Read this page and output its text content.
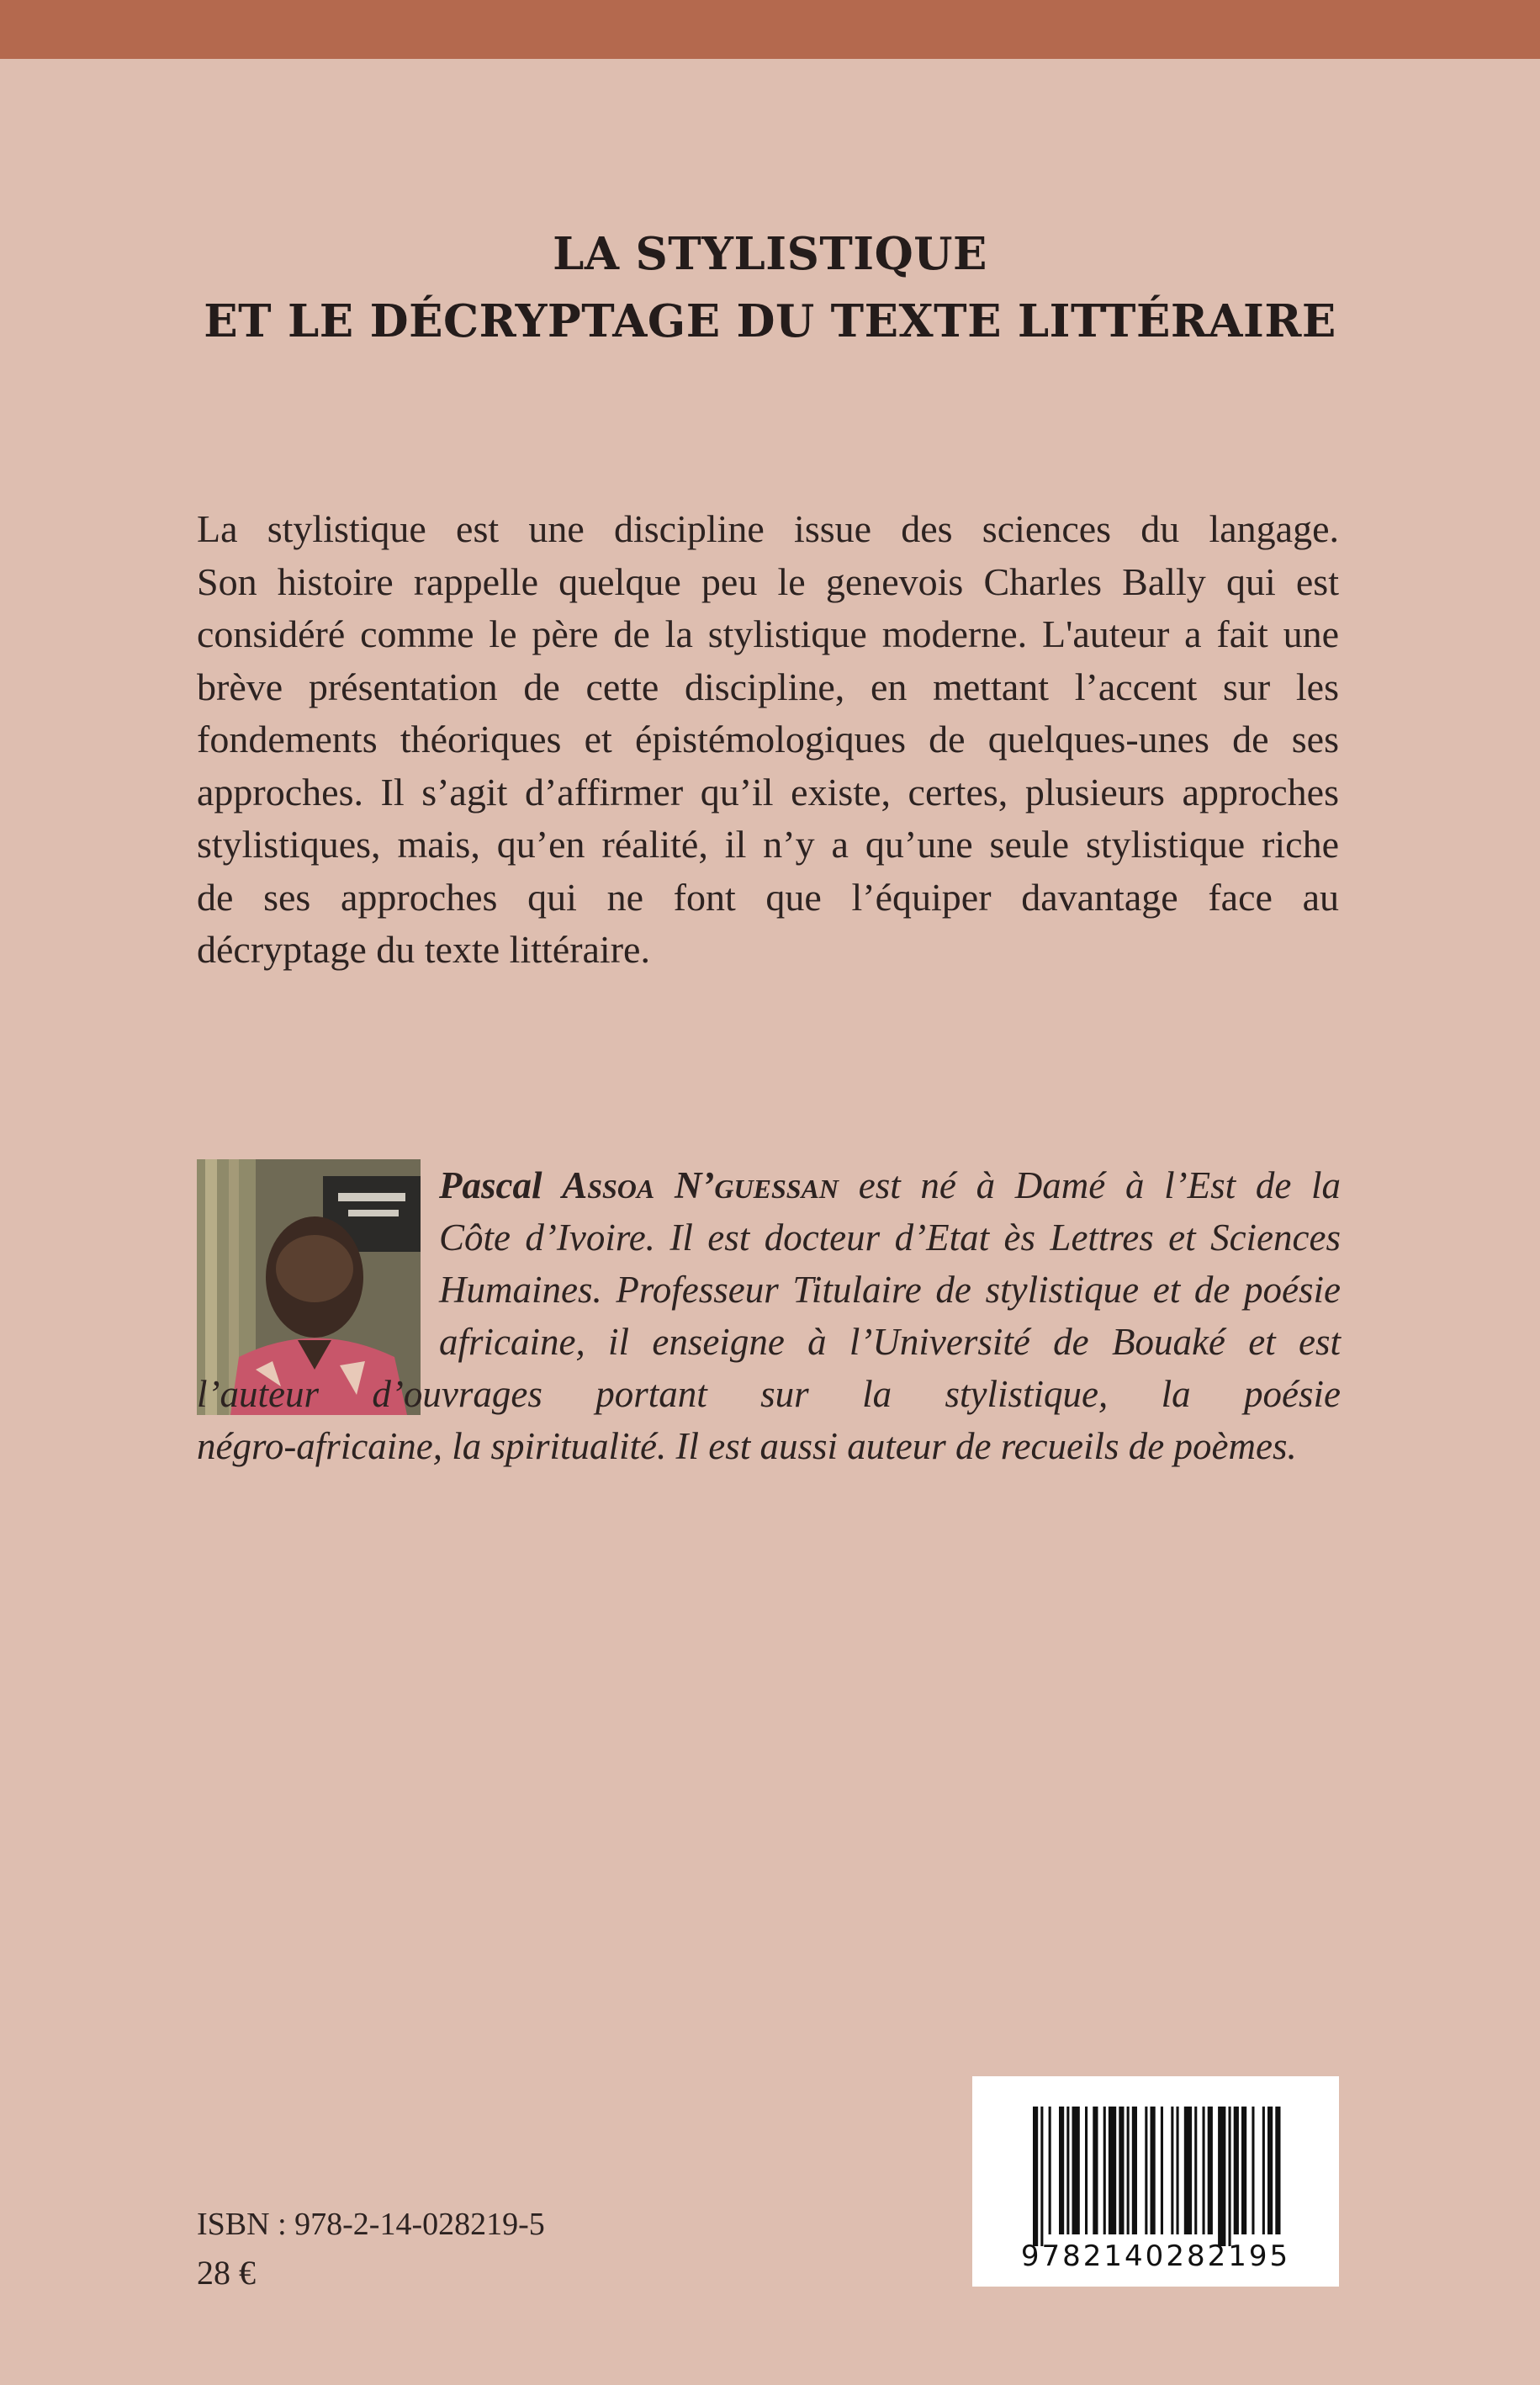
LA STYLISTIQUE
ET LE DÉCRYPTAGE DU TEXTE LITTÉRAIRE
La stylistique est une discipline issue des sciences du langage.
Son histoire rappelle quelque peu le genevois Charles Bally qui est
considéré comme le père de la stylistique moderne. L'auteur a fait une
brève présentation de cette discipline, en mettant l’accent sur les
fondements théoriques et épistémologiques de quelques-unes de ses
approches. Il s’agit d’affirmer qu’il existe, certes, plusieurs approches
stylistiques, mais, qu’en réalité, il n’y a qu’une seule stylistique riche
de ses approches qui ne font que l’équiper davantage face au
décryptage du texte littéraire.
Pascal Assoa N’guessan est né à Damé à l’Est de la
Côte d’Ivoire. Il est docteur d’Etat ès Lettres et Sciences
Humaines. Professeur Titulaire de stylistique et de poésie
africaine, il enseigne à l’Université de Bouaké et est
l’auteur d’ouvrages portant sur la stylistique, la poésie
négro-africaine, la spiritualité. Il est aussi auteur de recueils de poèmes.
ISBN : 978-2-14-028219-5
28 €	9782140282195
